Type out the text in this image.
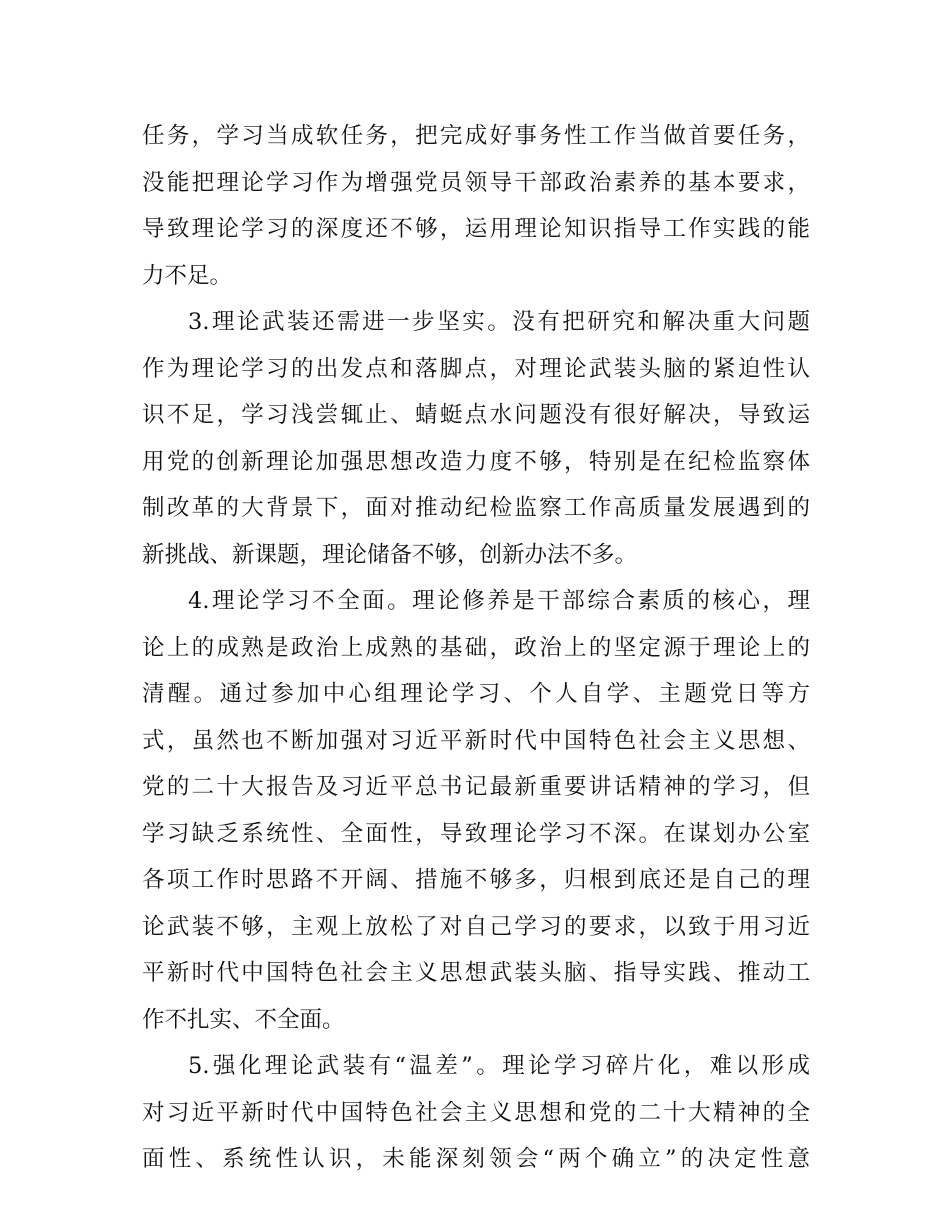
任务，学习当成软任务，把完成好事务性工作当做首要任务，
没能把理论学习作为增强党员领导干部政治素养的基本要求，
导致理论学习的深度还不够，运用理论知识指导工作实践的能
力不足。
3.理论武装还需进一步坚实。没有把研究和解决重大问题
作为理论学习的出发点和落脚点，对理论武装头脑的紧迫性认
识不足，学习浅尝辄止、蜻蜓点水问题没有很好解决，导致运
用党的创新理论加强思想改造力度不够，特别是在纪检监察体
制改革的大背景下，面对推动纪检监察工作高质量发展遇到的
新挑战、新课题，理论储备不够，创新办法不多。
4.理论学习不全面。理论修养是干部综合素质的核心，理
论上的成熟是政治上成熟的基础，政治上的坚定源于理论上的
清醒。通过参加中心组理论学习、个人自学、主题党日等方
式，虽然也不断加强对习近平新时代中国特色社会主义思想、
党的二十大报告及习近平总书记最新重要讲话精神的学习，但
学习缺乏系统性、全面性，导致理论学习不深。在谋划办公室
各项工作时思路不开阔、措施不够多，归根到底还是自己的理
论武装不够，主观上放松了对自己学习的要求，以致于用习近
平新时代中国特色社会主义思想武装头脑、指导实践、推动工
作不扎实、不全面。
5.强化理论武装有“温差”。理论学习碎片化，难以形成
对习近平新时代中国特色社会主义思想和党的二十大精神的全
面性、系统性认识，未能深刻领会“两个确立”的决定性意
